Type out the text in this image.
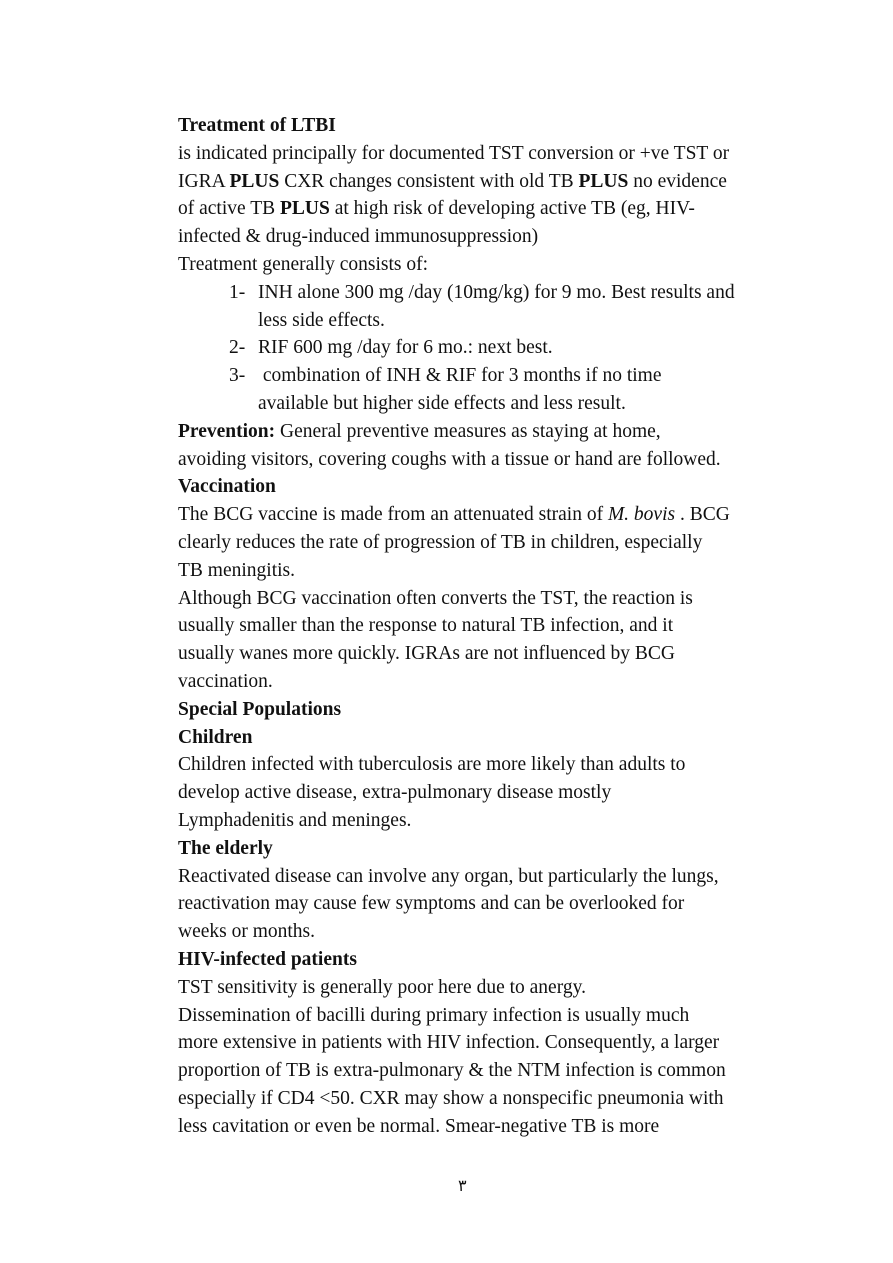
Treatment of LTBI
is indicated principally for documented TST conversion or +ve TST or
IGRA PLUS CXR changes consistent with old TB PLUS no evidence
of active TB PLUS at high risk of developing active TB (eg, HIV-
infected & drug-induced immunosuppression)
Treatment generally consists of:
1- INH alone 300 mg /day (10mg/kg) for 9 mo. Best results and
less side effects.
2- RIF 600 mg /day for 6 mo.: next best.
3- combination of INH & RIF for 3 months if no time
available but higher side effects and less result.
Prevention: General preventive measures as staying at home,
avoiding visitors, covering coughs with a tissue or hand are followed.
Vaccination
The BCG vaccine is made from an attenuated strain of M. bovis . BCG
clearly reduces the rate of progression of TB in children, especially
TB meningitis.
Although BCG vaccination often converts the TST, the reaction is
usually smaller than the response to natural TB infection, and it
usually wanes more quickly. IGRAs are not influenced by BCG
vaccination.
Special Populations
Children
Children infected with tuberculosis are more likely than adults to
develop active disease, extra-pulmonary disease mostly
Lymphadenitis and meninges.
The elderly
Reactivated disease can involve any organ, but particularly the lungs,
reactivation may cause few symptoms and can be overlooked for
weeks or months.
HIV-infected patients
TST sensitivity is generally poor here due to anergy.
Dissemination of bacilli during primary infection is usually much
more extensive in patients with HIV infection. Consequently, a larger
proportion of TB is extra-pulmonary & the NTM infection is common
especially if CD4 <50. CXR may show a nonspecific pneumonia with
less cavitation or even be normal. Smear-negative TB is more
٣
